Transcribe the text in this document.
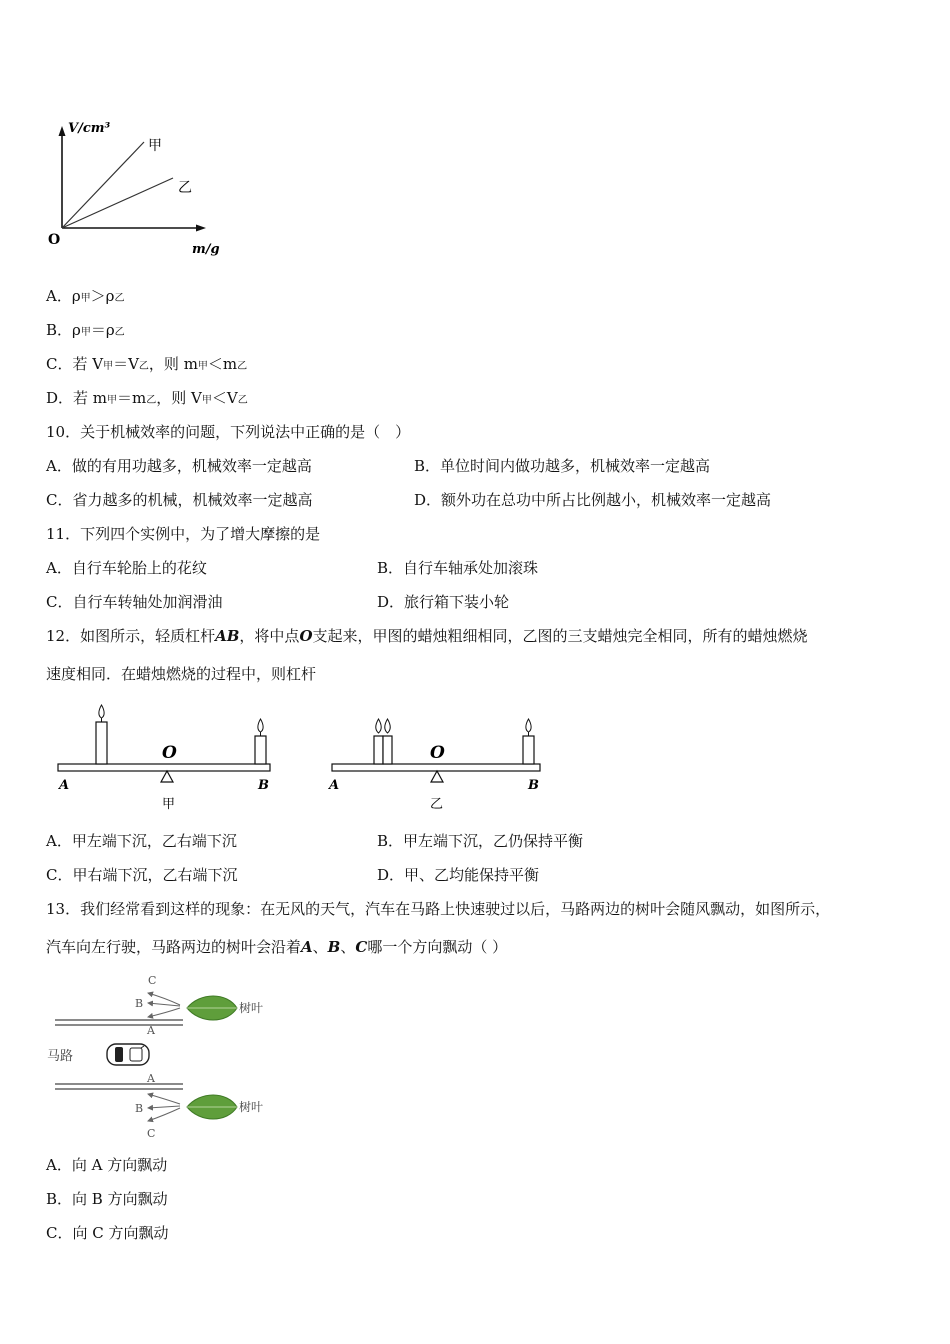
V/cm³
m/g
O
甲
乙
A．ρ甲＞ρ乙
B．ρ甲＝ρ乙
C．若 V甲＝V乙，则 m甲＜m乙
D．若 m甲＝m乙，则 V甲＜V乙
10．关于机械效率的问题，下列说法中正确的是（　）
A．做的有用功越多，机械效率一定越高	B．单位时间内做功越多，机械效率一定越高
C．省力越多的机械，机械效率一定越高	D．额外功在总功中所占比例越小，机械效率一定越高
11．下列四个实例中，为了增大摩擦的是
A．自行车轮胎上的花纹	B．自行车轴承处加滚珠
C．自行车转轴处加润滑油	D．旅行箱下装小轮
12．如图所示，轻质杠杆AB，将中点O支起来，甲图的蜡烛粗细相同，乙图的三支蜡烛完全相同，所有的蜡烛燃烧
速度相同．在蜡烛燃烧的过程中，则杠杆
A
O
B
甲
A
O
B
乙
A．甲左端下沉，乙右端下沉	B．甲左端下沉，乙仍保持平衡
C．甲右端下沉，乙右端下沉	D．甲、乙均能保持平衡
13．我们经常看到这样的现象：在无风的天气，汽车在马路上快速驶过以后，马路两边的树叶会随风飘动，如图所示，
汽车向左行驶，马路两边的树叶会沿着A、B、C哪一个方向飘动（ ）
马路
C
B
A
树叶
A
B
C
树叶
A．向 A 方向飘动
B．向 B 方向飘动
C．向 C 方向飘动
